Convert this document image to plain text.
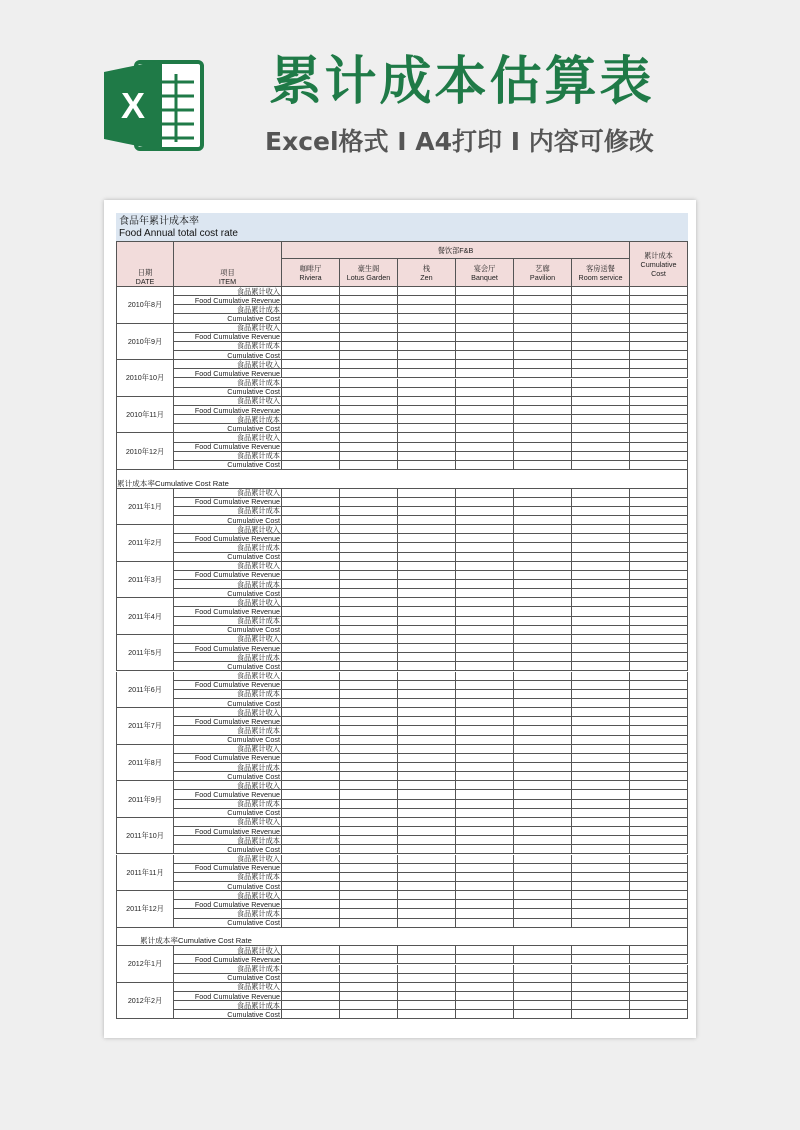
X	累计成本估算表
Excel格式 I A4打印 I 内容可修改
食品年累计成本率
Food Annual total cost rate
日期
DATE
项目
ITEM
餐饮部F&B
咖啡厅
Riviera
豪生阁
Lotus Garden
栈
Zen
宴会厅
Banquet
艺廊
Pavilion
客房送餐
Room service
累计成本
Cumulative
Cost
2010年8月
食品累计收入
Food Cumulative Revenue
食品累计成本
Cumulative Cost
2010年9月
食品累计收入
Food Cumulative Revenue
食品累计成本
Cumulative Cost
2010年10月
食品累计收入
Food Cumulative Revenue
食品累计成本
Cumulative Cost
2010年11月
食品累计收入
Food Cumulative Revenue
食品累计成本
Cumulative Cost
2010年12月
食品累计收入
Food Cumulative Revenue
食品累计成本
Cumulative Cost
累计成本率Cumulative Cost Rate
2011年1月
食品累计收入
Food Cumulative Revenue
食品累计成本
Cumulative Cost
2011年2月
食品累计收入
Food Cumulative Revenue
食品累计成本
Cumulative Cost
2011年3月
食品累计收入
Food Cumulative Revenue
食品累计成本
Cumulative Cost
2011年4月
食品累计收入
Food Cumulative Revenue
食品累计成本
Cumulative Cost
2011年5月
食品累计收入
Food Cumulative Revenue
食品累计成本
Cumulative Cost
2011年6月
食品累计收入
Food Cumulative Revenue
食品累计成本
Cumulative Cost
2011年7月
食品累计收入
Food Cumulative Revenue
食品累计成本
Cumulative Cost
2011年8月
食品累计收入
Food Cumulative Revenue
食品累计成本
Cumulative Cost
2011年9月
食品累计收入
Food Cumulative Revenue
食品累计成本
Cumulative Cost
2011年10月
食品累计收入
Food Cumulative Revenue
食品累计成本
Cumulative Cost
2011年11月
食品累计收入
Food Cumulative Revenue
食品累计成本
Cumulative Cost
2011年12月
食品累计收入
Food Cumulative Revenue
食品累计成本
Cumulative Cost
累计成本率Cumulative Cost Rate
2012年1月
食品累计收入
Food Cumulative Revenue
食品累计成本
Cumulative Cost
2012年2月
食品累计收入
Food Cumulative Revenue
食品累计成本
Cumulative Cost
